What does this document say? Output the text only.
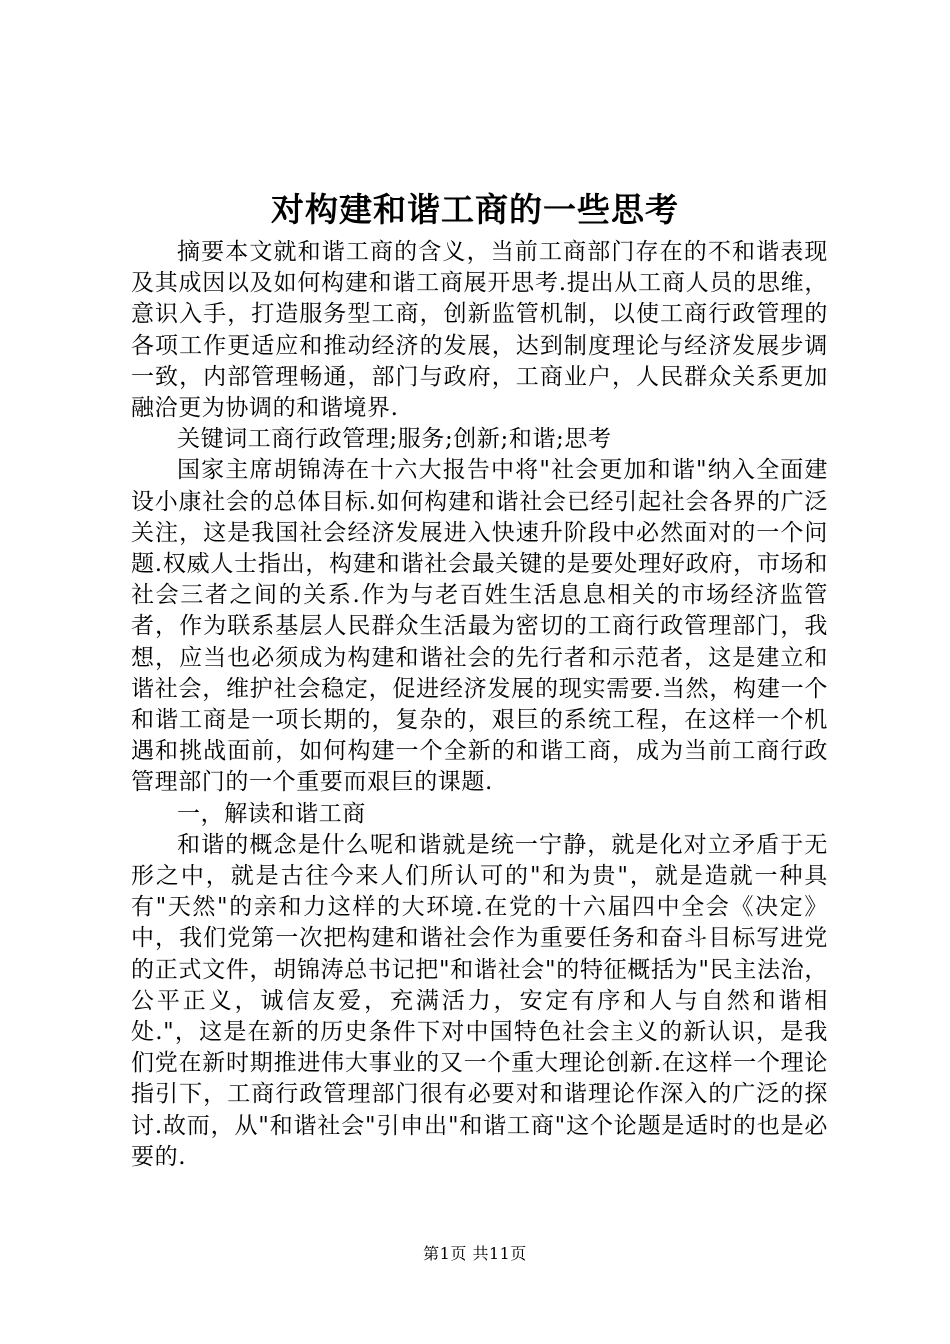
对构建和谐工商的一些思考

摘要本文就和谐工商的含义，当前工商部门存在的不和谐表现及其成因以及如何构建和谐工商展开思考.提出从工商人员的思维，意识入手，打造服务型工商，创新监管机制，以使工商行政管理的各项工作更适应和推动经济的发展，达到制度理论与经济发展步调一致，内部管理畅通，部门与政府，工商业户，人民群众关系更加融洽更为协调的和谐境界.

关键词工商行政管理;服务;创新;和谐;思考

国家主席胡锦涛在十六大报告中将"社会更加和谐"纳入全面建设小康社会的总体目标.如何构建和谐社会已经引起社会各界的广泛关注，这是我国社会经济发展进入快速升阶段中必然面对的一个问题.权威人士指出，构建和谐社会最关键的是要处理好政府，市场和社会三者之间的关系.作为与老百姓生活息息相关的市场经济监管者，作为联系基层人民群众生活最为密切的工商行政管理部门，我想，应当也必须成为构建和谐社会的先行者和示范者，这是建立和谐社会，维护社会稳定，促进经济发展的现实需要.当然，构建一个和谐工商是一项长期的，复杂的，艰巨的系统工程，在这样一个机遇和挑战面前，如何构建一个全新的和谐工商，成为当前工商行政管理部门的一个重要而艰巨的课题.

一，解读和谐工商

和谐的概念是什么呢和谐就是统一宁静，就是化对立矛盾于无形之中，就是古往今来人们所认可的"和为贵"，就是造就一种具有"天然"的亲和力这样的大环境.在党的十六届四中全会《决定》中，我们党第一次把构建和谐社会作为重要任务和奋斗目标写进党的正式文件，胡锦涛总书记把"和谐社会"的特征概括为"民主法治，公平正义，诚信友爱，充满活力，安定有序和人与自然和谐相处."，这是在新的历史条件下对中国特色社会主义的新认识，是我们党在新时期推进伟大事业的又一个重大理论创新.在这样一个理论指引下，工商行政管理部门很有必要对和谐理论作深入的广泛的探讨.故而，从"和谐社会"引申出"和谐工商"这个论题是适时的也是必要的.

第1页 共11页
